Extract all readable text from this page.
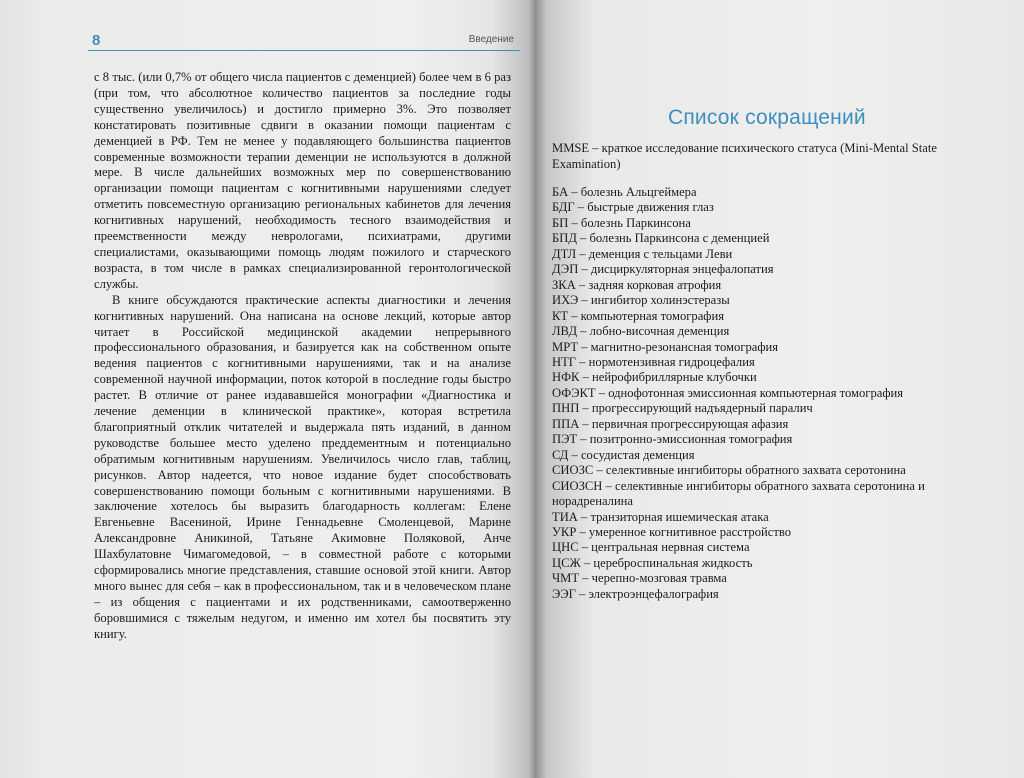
8	Введение

с 8 тыс. (или 0,7% от общего числа пациентов с деменцией) более чем в 6 раз (при том, что абсолютное количество пациентов за последние годы существенно увеличилось) и достигло примерно 3%. Это позволяет констатировать позитивные сдвиги в оказании помощи пациентам с деменцией в РФ. Тем не менее у подавляющего большинства пациентов современные возможности терапии деменции не используются в должной мере. В числе дальнейших возможных мер по совершенствованию организации помощи пациентам с когнитивными нарушениями следует отметить повсеместную организацию региональных кабинетов для лечения когнитивных нарушений, необходимость тесного взаимодействия и преемственности между неврологами, психиатрами, другими специалистами, оказывающими помощь людям пожилого и старческого возраста, в том числе в рамках специализированной геронтологической службы.

В книге обсуждаются практические аспекты диагностики и лечения когнитивных нарушений. Она написана на основе лекций, которые автор читает в Российской медицинской академии непрерывного профессионального образования, и базируется как на собственном опыте ведения пациентов с когнитивными нарушениями, так и на анализе современной научной информации, поток которой в последние годы быстро растет. В отличие от ранее издававшейся монографии «Диагностика и лечение деменции в клинической практике», которая встретила благоприятный отклик читателей и выдержала пять изданий, в данном руководстве большее место уделено преддементным и потенциально обратимым когнитивным нарушениям. Увеличилось число глав, таблиц, рисунков. Автор надеется, что новое издание будет способствовать совершенствованию помощи больным с когнитивными нарушениями. В заключение хотелось бы выразить благодарность коллегам: Елене Евгеньевне Васениной, Ирине Геннадьевне Смоленцевой, Марине Александровне Аникиной, Татьяне Акимовне Поляковой, Анче Шахбулатовне Чимагомедовой, – в совместной работе с которыми сформировались многие представления, ставшие основой этой книги. Автор много вынес для себя – как в профессиональном, так и в человеческом плане – из общения с пациентами и их родственниками, самоотверженно боровшимися с тяжелым недугом, и именно им хотел бы посвятить эту книгу.

Список сокращений
MMSE – краткое исследование психического статуса (Mini-Mental State Examination)
БА – болезнь Альцгеймера
БДГ – быстрые движения глаз
БП – болезнь Паркинсона
БПД – болезнь Паркинсона с деменцией
ДТЛ – деменция с тельцами Леви
ДЭП – дисциркуляторная энцефалопатия
ЗКА – задняя корковая атрофия
ИХЭ – ингибитор холинэстеразы
КТ – компьютерная томография
ЛВД – лобно-височная деменция
МРТ – магнитно-резонансная томография
НТГ – нормотензивная гидроцефалия
НФК – нейрофибриллярные клубочки
ОФЭКТ – однофотонная эмиссионная компьютерная томография
ПНП – прогрессирующий надъядерный паралич
ППА – первичная прогрессирующая афазия
ПЭТ – позитронно-эмиссионная томография
СД – сосудистая деменция
СИОЗС – селективные ингибиторы обратного захвата серотонина
СИОЗСН – селективные ингибиторы обратного захвата серотонина и норадреналина
ТИА – транзиторная ишемическая атака
УКР – умеренное когнитивное расстройство
ЦНС – центральная нервная система
ЦСЖ – цереброспинальная жидкость
ЧМТ – черепно-мозговая травма
ЭЭГ – электроэнцефалография
